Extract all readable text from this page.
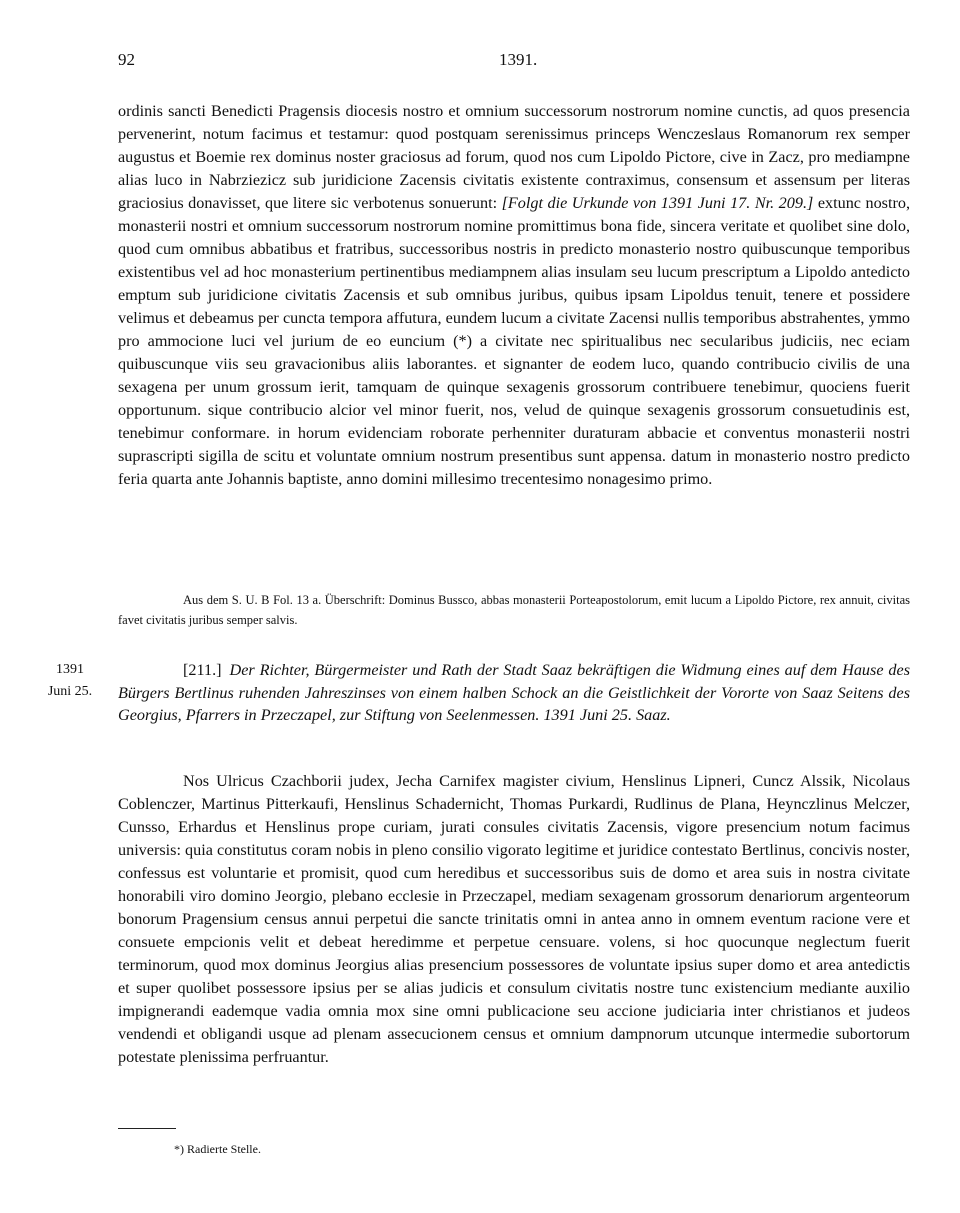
92	1391.
ordinis sancti Benedicti Pragensis diocesis nostro et omnium successorum nostrorum nomine cunctis, ad quos presencia pervenerint, notum facimus et testamur: quod postquam serenissimus princeps Wenczeslaus Romanorum rex semper augustus et Boemie rex dominus noster graciosus ad forum, quod nos cum Lipoldo Pictore, cive in Zacz, pro mediampne alias luco in Nabrziezicz sub juridicione Zacensis civitatis existente contraximus, consensum et assensum per literas graciosius donavisset, que litere sic verbotenus sonuerunt: [Folgt die Urkunde von 1391 Juni 17. Nr. 209.] extunc nostro, monasterii nostri et omnium successorum nostrorum nomine promittimus bona fide, sincera veritate et quolibet sine dolo, quod cum omnibus abbatibus et fratribus, successoribus nostris in predicto monasterio nostro quibuscunque temporibus existentibus vel ad hoc monasterium pertinentibus mediampnem alias insulam seu lucum prescriptum a Lipoldo antedicto emptum sub juridicione civitatis Zacensis et sub omnibus juribus, quibus ipsam Lipoldus tenuit, tenere et possidere velimus et debeamus per cuncta tempora affutura, eundem lucum a civitate Zacensi nullis temporibus abstrahentes, ymmo pro ammocione luci vel jurium de eo euncium (*) a civitate nec spiritualibus nec secularibus judiciis, nec eciam quibuscunque viis seu gravacionibus aliis laborantes. et signanter de eodem luco, quando contribucio civilis de una sexagena per unum grossum ierit, tamquam de quinque sexagenis grossorum contribuere tenebimur, quociens fuerit opportunum. sique contribucio alcior vel minor fuerit, nos, velud de quinque sexagenis grossorum consuetudinis est, tenebimur conformare. in horum evidenciam roborate perhenniter duraturam abbacie et conventus monasterii nostri suprascripti sigilla de scitu et voluntate omnium nostrum presentibus sunt appensa. datum in monasterio nostro predicto feria quarta ante Johannis baptiste, anno domini millesimo trecentesimo nonagesimo primo.
Aus dem S. U. B Fol. 13 a. Überschrift: Dominus Bussco, abbas monasterii Porteapostolorum, emit lucum a Lipoldo Pictore, rex annuit, civitas favet civitatis juribus semper salvis.
1391
Juni 25.
[211.] Der Richter, Bürgermeister und Rath der Stadt Saaz bekräftigen die Widmung eines auf dem Hause des Bürgers Bertlinus ruhenden Jahreszinses von einem halben Schock an die Geistlichkeit der Vororte von Saaz Seitens des Georgius, Pfarrers in Przeczapel, zur Stiftung von Seelenmessen. 1391 Juni 25. Saaz.
Nos Ulricus Czachborii judex, Jecha Carnifex magister civium, Henslinus Lipneri, Cuncz Alssik, Nicolaus Coblenczer, Martinus Pitterkaufi, Henslinus Schadernicht, Thomas Purkardi, Rudlinus de Plana, Heynczlinus Melczer, Cunsso, Erhardus et Henslinus prope curiam, jurati consules civitatis Zacensis, vigore presencium notum facimus universis: quia constitutus coram nobis in pleno consilio vigorato legitime et juridice contestato Bertlinus, concivis noster, confessus est voluntarie et promisit, quod cum heredibus et successoribus suis de domo et area suis in nostra civitate honorabili viro domino Jeorgio, plebano ecclesie in Przeczapel, mediam sexagenam grossorum denariorum argenteorum bonorum Pragensium census annui perpetui die sancte trinitatis omni in antea anno in omnem eventum racione vere et consuete empcionis velit et debeat heredimme et perpetue censuare. volens, si hoc quocunque neglectum fuerit terminorum, quod mox dominus Jeorgius alias presencium possessores de voluntate ipsius super domo et area antedictis et super quolibet possessore ipsius per se alias judicis et consulum civitatis nostre tunc existencium mediante auxilio impignerandi eademque vadia omnia mox sine omni publicacione seu accione judiciaria inter christianos et judeos vendendi et obligandi usque ad plenam assecucionem census et omnium dampnorum utcunque intermedie subortorum potestate plenissima perfruantur.
*) Radierte Stelle.
